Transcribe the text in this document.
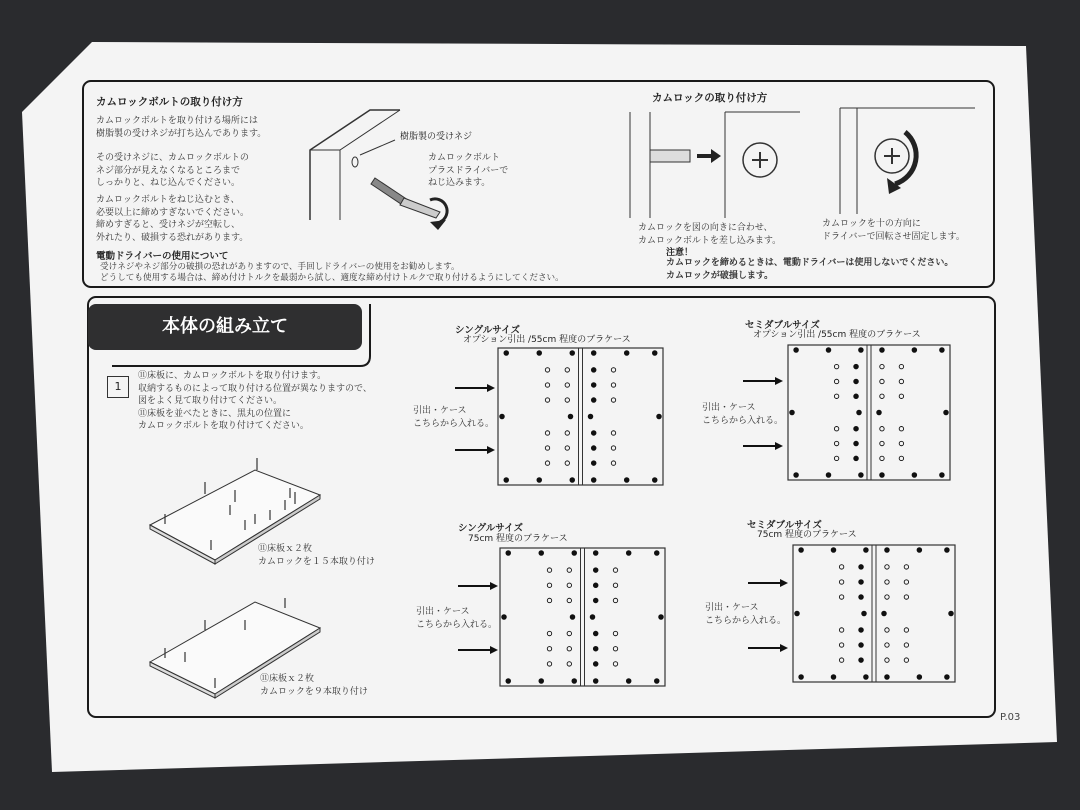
カムロックボルトの取り付け方
カムロックボルトを取り付ける場所には
樹脂製の受けネジが打ち込んであります。
その受けネジに、カムロックボルトの
ネジ部分が見えなくなるところまで
しっかりと、ねじ込んでください。
カムロックボルトをねじ込むとき、
必要以上に締めすぎないでください。
締めすぎると、受けネジが空転し、
外れたり、破損する恐れがあります。
樹脂製の受けネジ
カムロックボルト
プラスドライバーで
ねじ込みます。
電動ドライバーの使用について
受けネジやネジ部分の破損の恐れがありますので、手回しドライバーの使用をお勧めします。
どうしても使用する場合は、締め付けトルクを最弱から試し、適度な締め付けトルクで取り付けるようにしてください。
カムロックの取り付け方
カムロックを図の向きに合わせ、
カムロックボルトを差し込みます。
カムロックを十の方向に
ドライバーで回転させ固定します。
注意！
カムロックを締めるときは、電動ドライバーは使用しないでください。
カムロックが破損します。
本体の組み立て
1
⑪床板に、カムロックボルトを取り付けます。
収納するものによって取り付ける位置が異なりますので、
図をよく見て取り付けてください。
⑪床板を並べたときに、黒丸の位置に
カムロックボルトを取り付けてください。
⑪床板ｘ２枚
カムロックを１５本取り付け
⑪床板ｘ２枚
カムロックを９本取り付け
シングルサイズ
オプション引出 /55cm 程度のブラケース
引出・ケース
こちらから入れる。
セミダブルサイズ
オプション引出 /55cm 程度のブラケース
引出・ケース
こちらから入れる。
シングルサイズ
75cm 程度のブラケース
引出・ケース
こちらから入れる。
セミダブルサイズ
75cm 程度のブラケース
引出・ケース
こちらから入れる。
P.03
